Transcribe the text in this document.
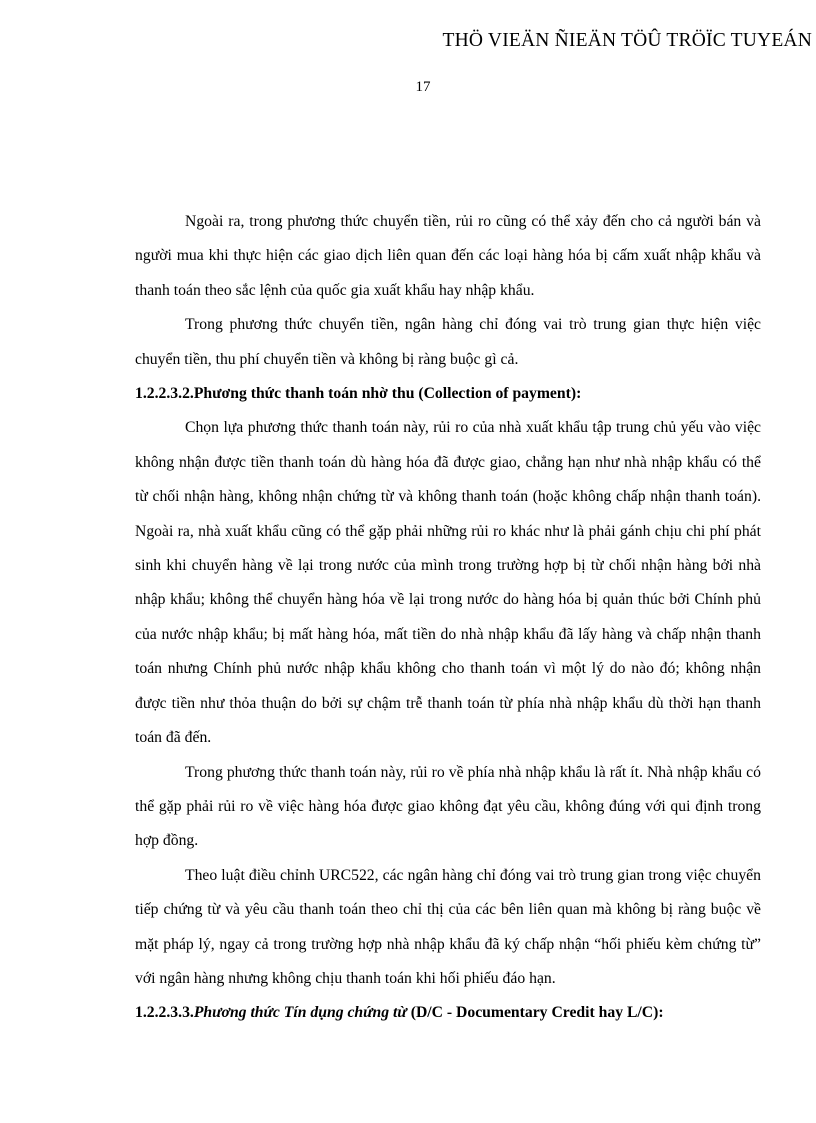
THÖ VIEÄN ÑIEÄN TÖÛ TRÖÏC TUYEÁN
17

Ngoài ra, trong phương thức chuyển tiền, rủi ro cũng có thể xảy đến cho cả người bán và người mua khi thực hiện các giao dịch liên quan đến các loại hàng hóa bị cấm xuất nhập khẩu và thanh toán theo sắc lệnh của quốc gia xuất khẩu hay nhập khẩu.

Trong phương thức chuyển tiền, ngân hàng chỉ đóng vai trò trung gian thực hiện việc chuyển tiền, thu phí chuyển tiền và không bị ràng buộc gì cả.

1.2.2.3.2.Phương thức thanh toán nhờ thu (Collection of payment):

Chọn lựa phương thức thanh toán này, rủi ro của nhà xuất khẩu tập trung chủ yếu vào việc không nhận được tiền thanh toán dù hàng hóa đã được giao, chẳng hạn như nhà nhập khẩu có thể từ chối nhận hàng, không nhận chứng từ và không thanh toán (hoặc không chấp nhận thanh toán). Ngoài ra, nhà xuất khẩu cũng có thể gặp phải những rủi ro khác như là phải gánh chịu chi phí phát sinh khi chuyển hàng về lại trong nước của mình trong trường hợp bị từ chối nhận hàng bởi nhà nhập khẩu; không thể chuyển hàng hóa về lại trong nước do hàng hóa bị quản thúc bởi Chính phủ của nước nhập khẩu; bị mất hàng hóa, mất tiền do nhà nhập khẩu đã lấy hàng và chấp nhận thanh toán nhưng Chính phủ nước nhập khẩu không cho thanh toán vì một lý do nào đó; không nhận được tiền như thỏa thuận do bởi sự chậm trễ thanh toán từ phía nhà nhập khẩu dù thời hạn thanh toán đã đến.

Trong phương thức thanh toán này, rủi ro về phía nhà nhập khẩu là rất ít. Nhà nhập khẩu có thể gặp phải rủi ro về việc hàng hóa được giao không đạt yêu cầu, không đúng với qui định trong hợp đồng.

Theo luật điều chỉnh URC522, các ngân hàng chỉ đóng vai trò trung gian trong việc chuyển tiếp chứng từ và yêu cầu thanh toán theo chỉ thị của các bên liên quan mà không bị ràng buộc về mặt pháp lý, ngay cả trong trường hợp nhà nhập khẩu đã ký chấp nhận “hối phiếu kèm chứng từ” với ngân hàng nhưng không chịu thanh toán khi hối phiếu đáo hạn.

1.2.2.3.3.Phương thức Tín dụng chứng từ (D/C - Documentary Credit hay L/C):
